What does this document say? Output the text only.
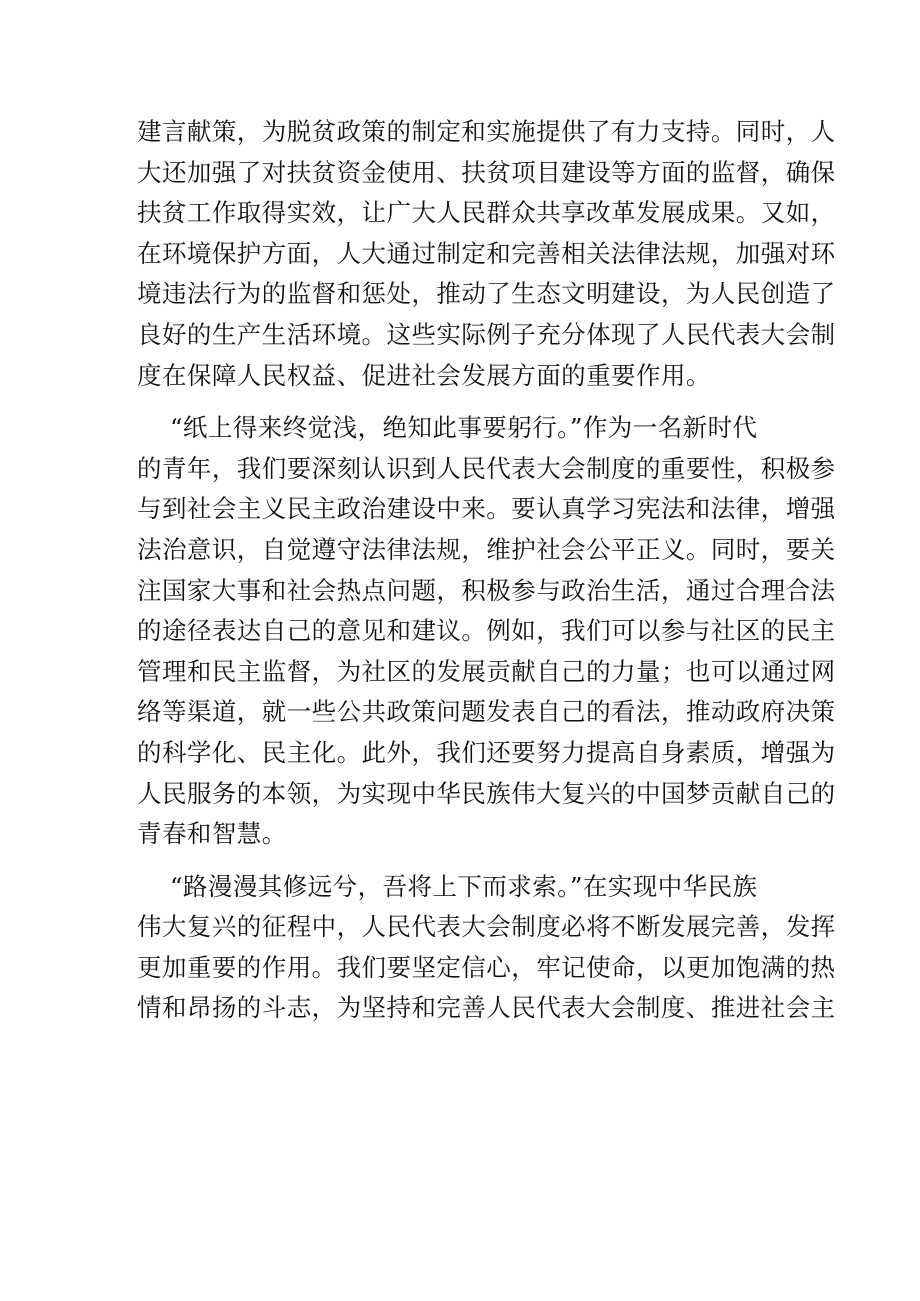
建言献策，为脱贫政策的制定和实施提供了有力支持。同时，人
大还加强了对扶贫资金使用、扶贫项目建设等方面的监督，确保
扶贫工作取得实效，让广大人民群众共享改革发展成果。又如，
在环境保护方面，人大通过制定和完善相关法律法规，加强对环
境违法行为的监督和惩处，推动了生态文明建设，为人民创造了
良好的生产生活环境。这些实际例子充分体现了人民代表大会制
度在保障人民权益、促进社会发展方面的重要作用。
“纸上得来终觉浅，绝知此事要躬行。”作为一名新时代
的青年，我们要深刻认识到人民代表大会制度的重要性，积极参
与到社会主义民主政治建设中来。要认真学习宪法和法律，增强
法治意识，自觉遵守法律法规，维护社会公平正义。同时，要关
注国家大事和社会热点问题，积极参与政治生活，通过合理合法
的途径表达自己的意见和建议。例如，我们可以参与社区的民主
管理和民主监督，为社区的发展贡献自己的力量；也可以通过网
络等渠道，就一些公共政策问题发表自己的看法，推动政府决策
的科学化、民主化。此外，我们还要努力提高自身素质，增强为
人民服务的本领，为实现中华民族伟大复兴的中国梦贡献自己的
青春和智慧。
“路漫漫其修远兮，吾将上下而求索。”在实现中华民族
伟大复兴的征程中，人民代表大会制度必将不断发展完善，发挥
更加重要的作用。我们要坚定信心，牢记使命，以更加饱满的热
情和昂扬的斗志，为坚持和完善人民代表大会制度、推进社会主
